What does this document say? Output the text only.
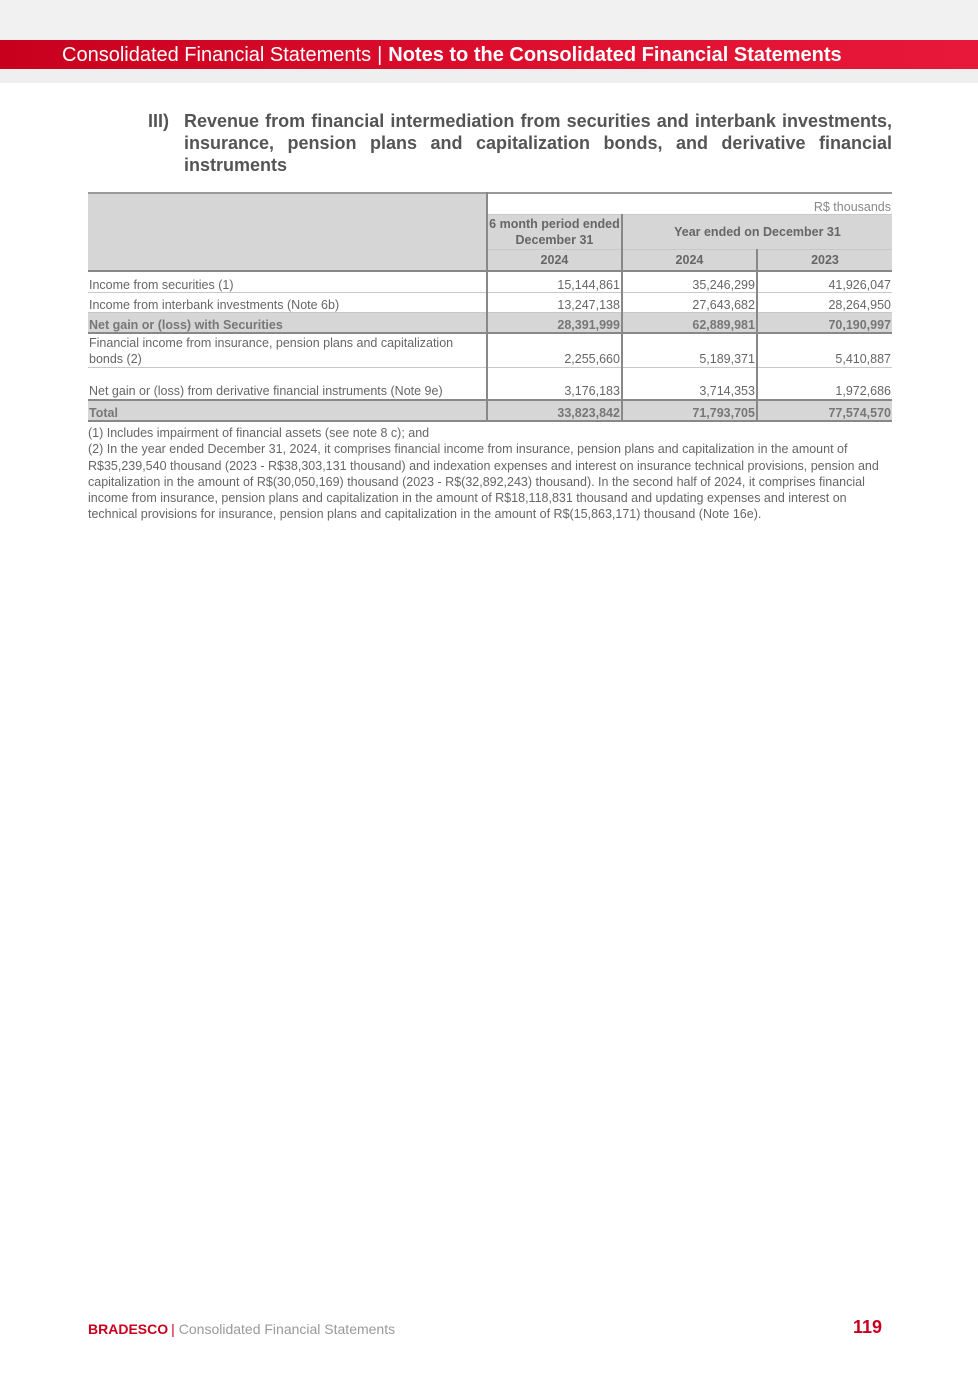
Consolidated Financial Statements | Notes to the Consolidated Financial Statements
III) Revenue from financial intermediation from securities and interbank investments, insurance, pension plans and capitalization bonds, and derivative financial instruments
	R$ thousands		
	6 month period ended December 31	Year ended on December 31	
	2024	2024	2023
Income from securities (1)	15,144,861	35,246,299	41,926,047
Income from interbank investments (Note 6b)	13,247,138	27,643,682	28,264,950
Net gain or (loss) with Securities	28,391,999	62,889,981	70,190,997
Financial income from insurance, pension plans and capitalization bonds (2)	2,255,660	5,189,371	5,410,887
Net gain or (loss) from derivative financial instruments (Note 9e)	3,176,183	3,714,353	1,972,686
Total	33,823,842	71,793,705	77,574,570

(1) Includes impairment of financial assets (see note 8 c); and

(2) In the year ended December 31, 2024, it comprises financial income from insurance, pension plans and capitalization in the amount of R$35,239,540 thousand (2023 - R$38,303,131 thousand) and indexation expenses and interest on insurance technical provisions, pension and capitalization in the amount of R$(30,050,169) thousand (2023 - R$(32,892,243) thousand). In the second half of 2024, it comprises financial income from insurance, pension plans and capitalization in the amount of R$18,118,831 thousand and updating expenses and interest on technical provisions for insurance, pension plans and capitalization in the amount of R$(15,863,171) thousand (Note 16e).

BRADESCO | Consolidated Financial Statements	119
